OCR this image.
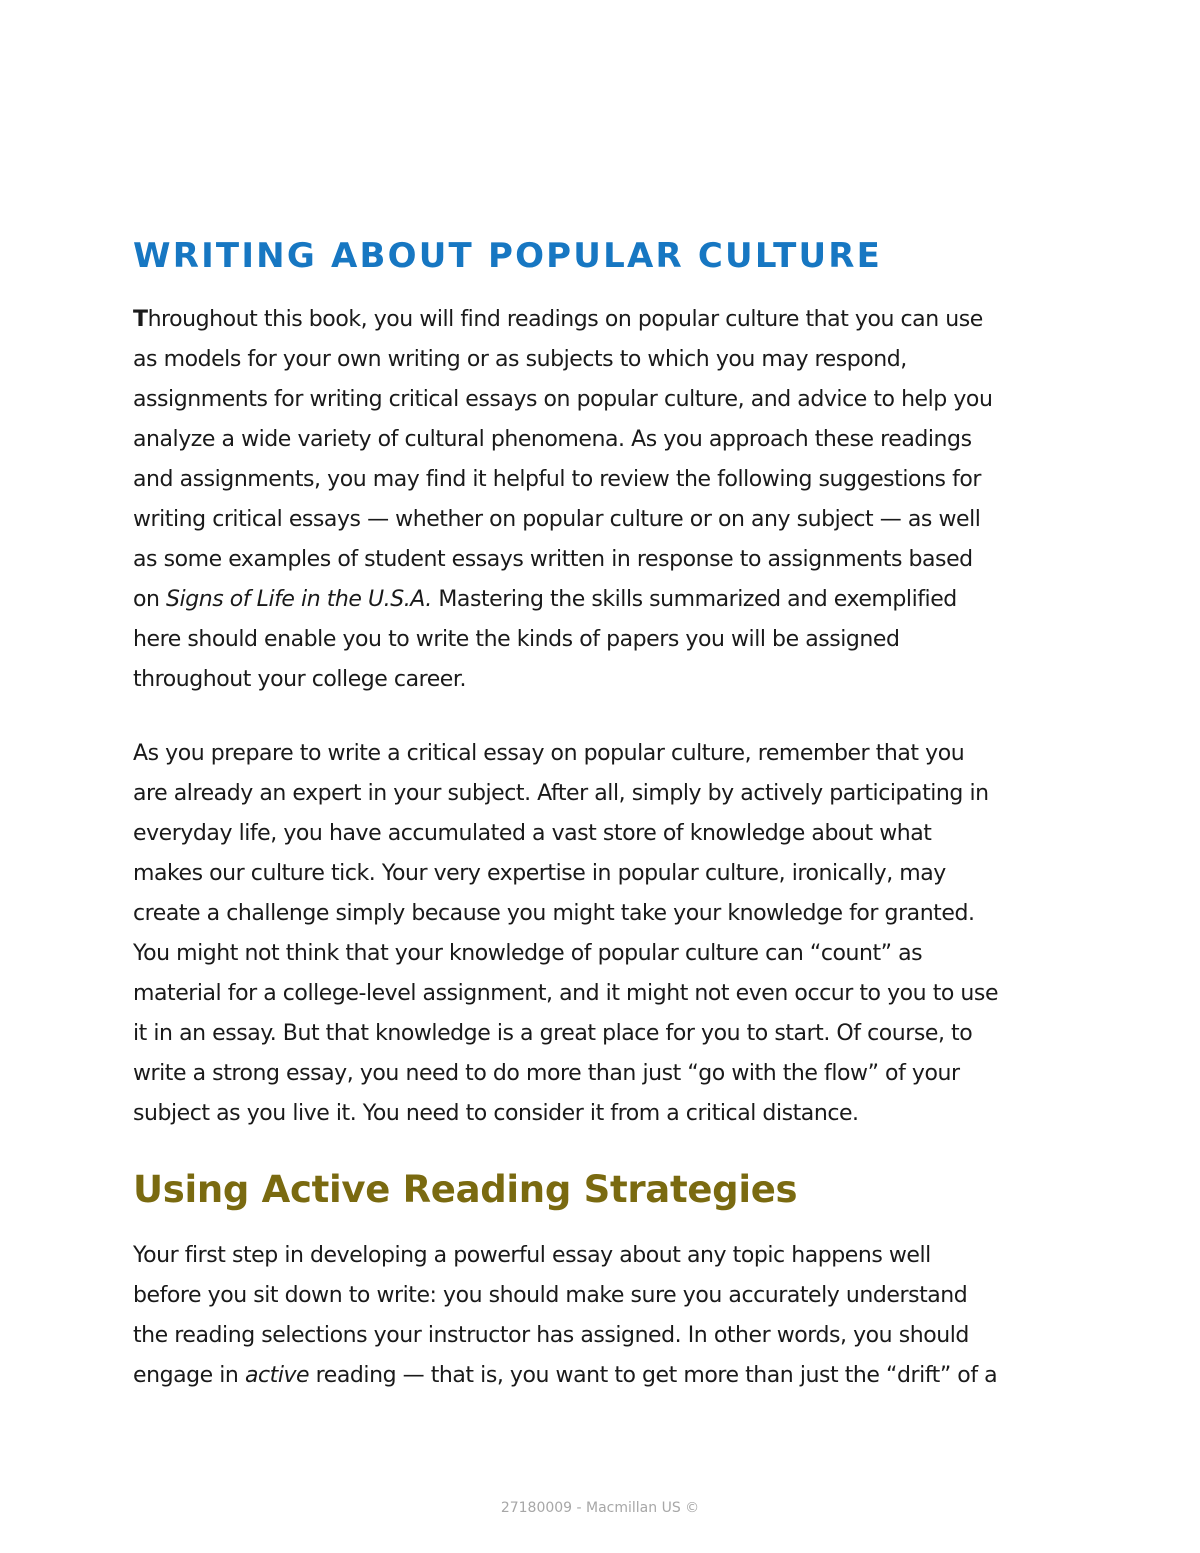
WRITING ABOUT POPULAR CULTURE

Throughout this book, you will find readings on popular culture that you can use
as models for your own writing or as subjects to which you may respond,
assignments for writing critical essays on popular culture, and advice to help you
analyze a wide variety of cultural phenomena. As you approach these readings
and assignments, you may find it helpful to review the following suggestions for
writing critical essays — whether on popular culture or on any subject — as well
as some examples of student essays written in response to assignments based
on Signs of Life in the U.S.A. Mastering the skills summarized and exemplified
here should enable you to write the kinds of papers you will be assigned
throughout your college career.

As you prepare to write a critical essay on popular culture, remember that you
are already an expert in your subject. After all, simply by actively participating in
everyday life, you have accumulated a vast store of knowledge about what
makes our culture tick. Your very expertise in popular culture, ironically, may
create a challenge simply because you might take your knowledge for granted.
You might not think that your knowledge of popular culture can “count” as
material for a college-level assignment, and it might not even occur to you to use
it in an essay. But that knowledge is a great place for you to start. Of course, to
write a strong essay, you need to do more than just “go with the flow” of your
subject as you live it. You need to consider it from a critical distance.

Using Active Reading Strategies

Your first step in developing a powerful essay about any topic happens well
before you sit down to write: you should make sure you accurately understand
the reading selections your instructor has assigned. In other words, you should
engage in active reading — that is, you want to get more than just the “drift” of a

27180009 - Macmillan US ©
